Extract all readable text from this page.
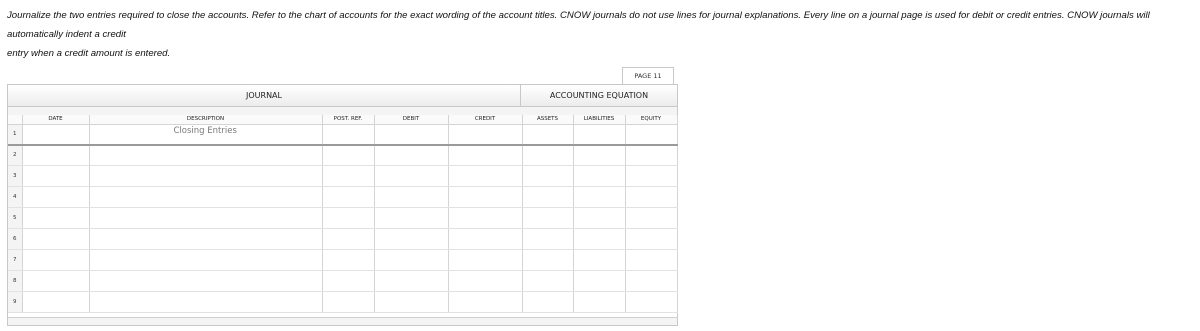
Journalize the two entries required to close the accounts. Refer to the chart of accounts for the exact wording of the account titles. CNOW journals do not use lines for journal explanations. Every line on a journal page is used for debit or credit entries. CNOW journals will automatically indent a credit
entry when a credit amount is entered.

PAGE 11
JOURNAL	ACCOUNTING EQUATION
	DATE	DESCRIPTION	POST. REF.	DEBIT	CREDIT	ASSETS	LIABILITIES	EQUITY
1		Closing Entries						

2		

3		

4		

5		

6		

7		

8		

9		
